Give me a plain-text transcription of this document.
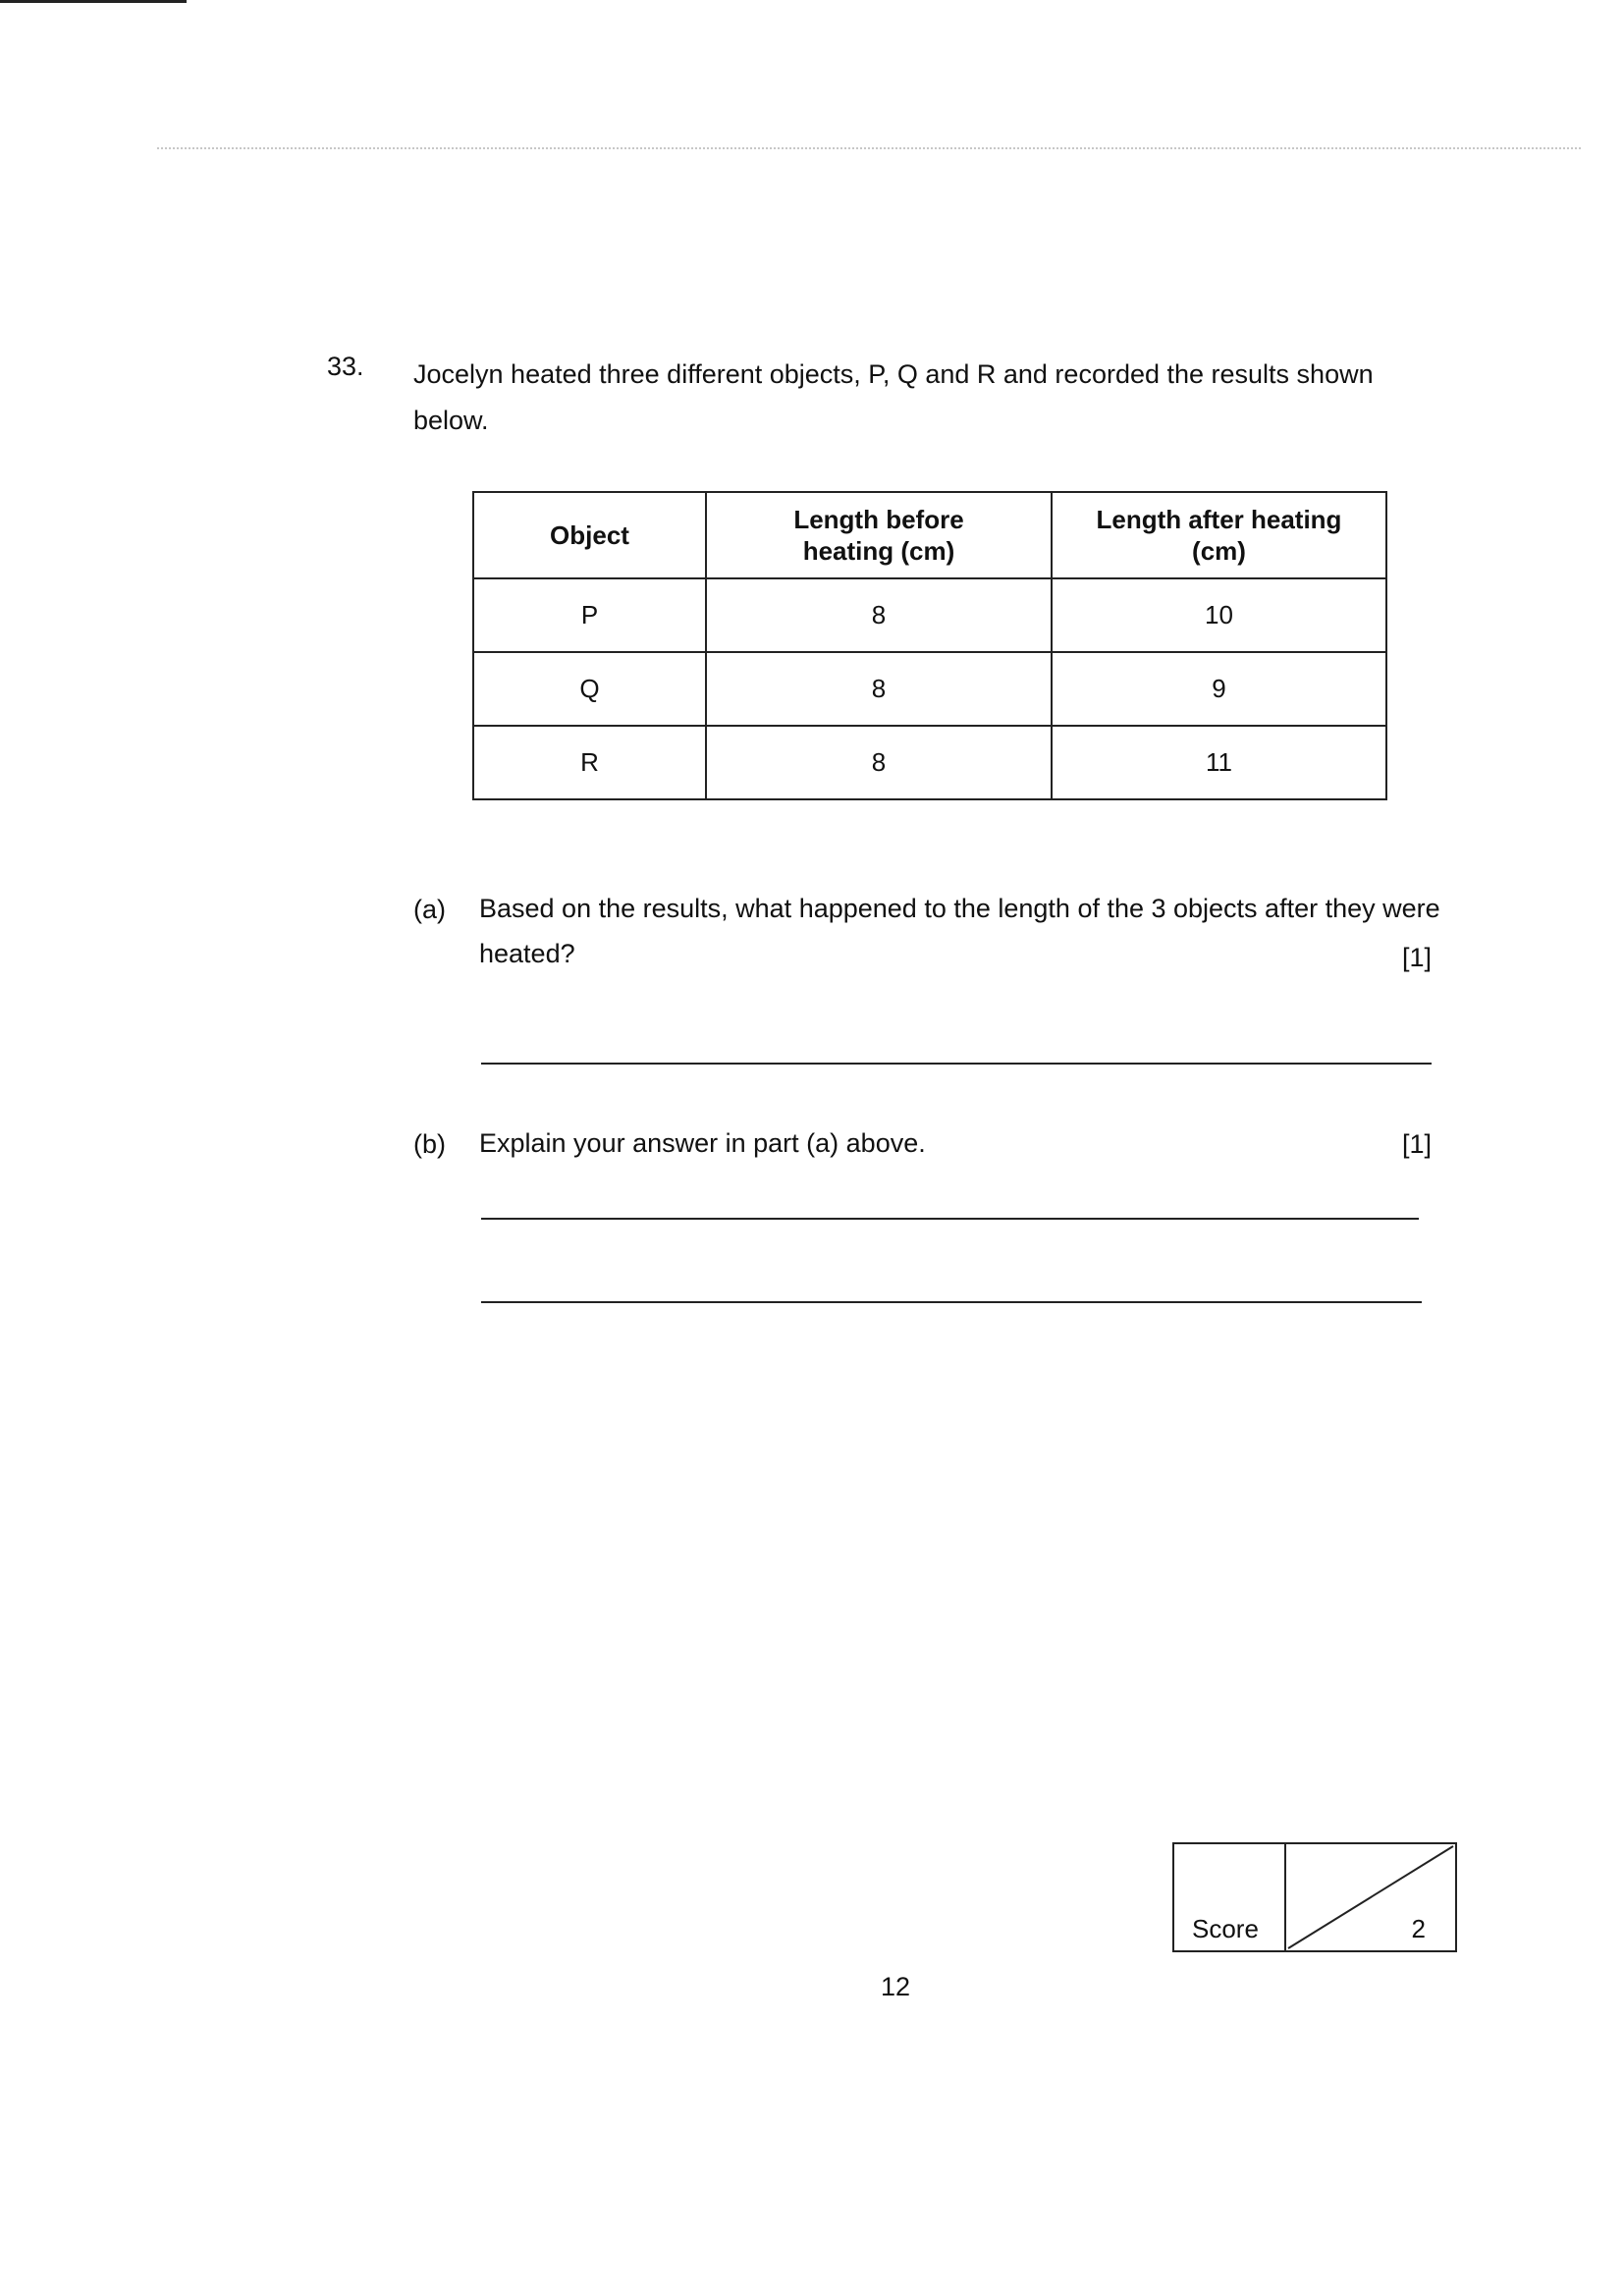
33. Jocelyn heated three different objects, P, Q and R and recorded the results shown below.
Object	Length before heating (cm)	Length after heating (cm)
P	8	10
Q	8	9
R	8	11
(a) Based on the results, what happened to the length of the 3 objects after they were heated?	[1]
(b) Explain your answer in part (a) above.	[1]
Score	2
12
